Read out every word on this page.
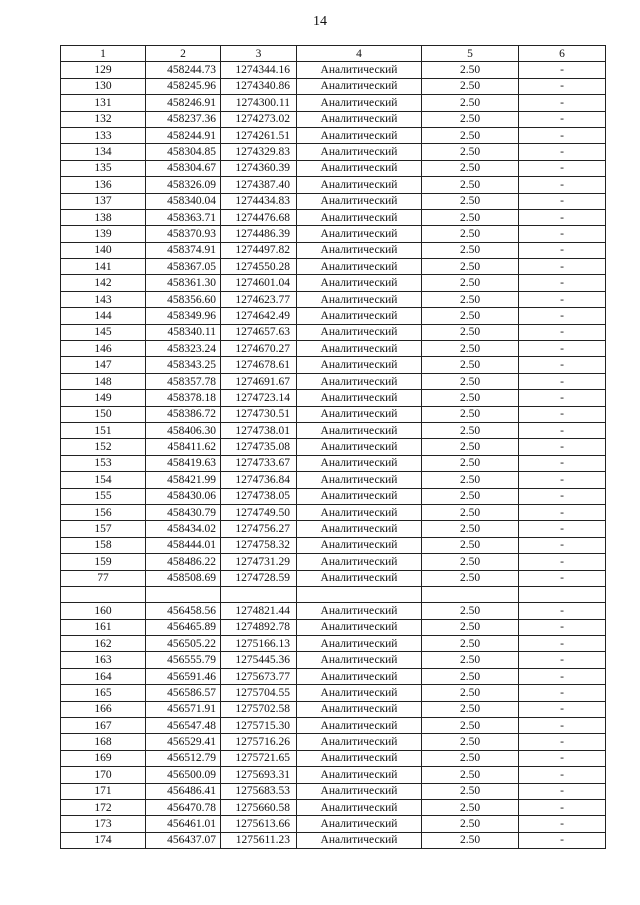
14
1	2	3	4	5	6
129	458244.73	1274344.16	Аналитический	2.50	-
130	458245.96	1274340.86	Аналитический	2.50	-
131	458246.91	1274300.11	Аналитический	2.50	-
132	458237.36	1274273.02	Аналитический	2.50	-
133	458244.91	1274261.51	Аналитический	2.50	-
134	458304.85	1274329.83	Аналитический	2.50	-
135	458304.67	1274360.39	Аналитический	2.50	-
136	458326.09	1274387.40	Аналитический	2.50	-
137	458340.04	1274434.83	Аналитический	2.50	-
138	458363.71	1274476.68	Аналитический	2.50	-
139	458370.93	1274486.39	Аналитический	2.50	-
140	458374.91	1274497.82	Аналитический	2.50	-
141	458367.05	1274550.28	Аналитический	2.50	-
142	458361.30	1274601.04	Аналитический	2.50	-
143	458356.60	1274623.77	Аналитический	2.50	-
144	458349.96	1274642.49	Аналитический	2.50	-
145	458340.11	1274657.63	Аналитический	2.50	-
146	458323.24	1274670.27	Аналитический	2.50	-
147	458343.25	1274678.61	Аналитический	2.50	-
148	458357.78	1274691.67	Аналитический	2.50	-
149	458378.18	1274723.14	Аналитический	2.50	-
150	458386.72	1274730.51	Аналитический	2.50	-
151	458406.30	1274738.01	Аналитический	2.50	-
152	458411.62	1274735.08	Аналитический	2.50	-
153	458419.63	1274733.67	Аналитический	2.50	-
154	458421.99	1274736.84	Аналитический	2.50	-
155	458430.06	1274738.05	Аналитический	2.50	-
156	458430.79	1274749.50	Аналитический	2.50	-
157	458434.02	1274756.27	Аналитический	2.50	-
158	458444.01	1274758.32	Аналитический	2.50	-
159	458486.22	1274731.29	Аналитический	2.50	-
77	458508.69	1274728.59	Аналитический	2.50	-

160	456458.56	1274821.44	Аналитический	2.50	-
161	456465.89	1274892.78	Аналитический	2.50	-
162	456505.22	1275166.13	Аналитический	2.50	-
163	456555.79	1275445.36	Аналитический	2.50	-
164	456591.46	1275673.77	Аналитический	2.50	-
165	456586.57	1275704.55	Аналитический	2.50	-
166	456571.91	1275702.58	Аналитический	2.50	-
167	456547.48	1275715.30	Аналитический	2.50	-
168	456529.41	1275716.26	Аналитический	2.50	-
169	456512.79	1275721.65	Аналитический	2.50	-
170	456500.09	1275693.31	Аналитический	2.50	-
171	456486.41	1275683.53	Аналитический	2.50	-
172	456470.78	1275660.58	Аналитический	2.50	-
173	456461.01	1275613.66	Аналитический	2.50	-
174	456437.07	1275611.23	Аналитический	2.50	-
